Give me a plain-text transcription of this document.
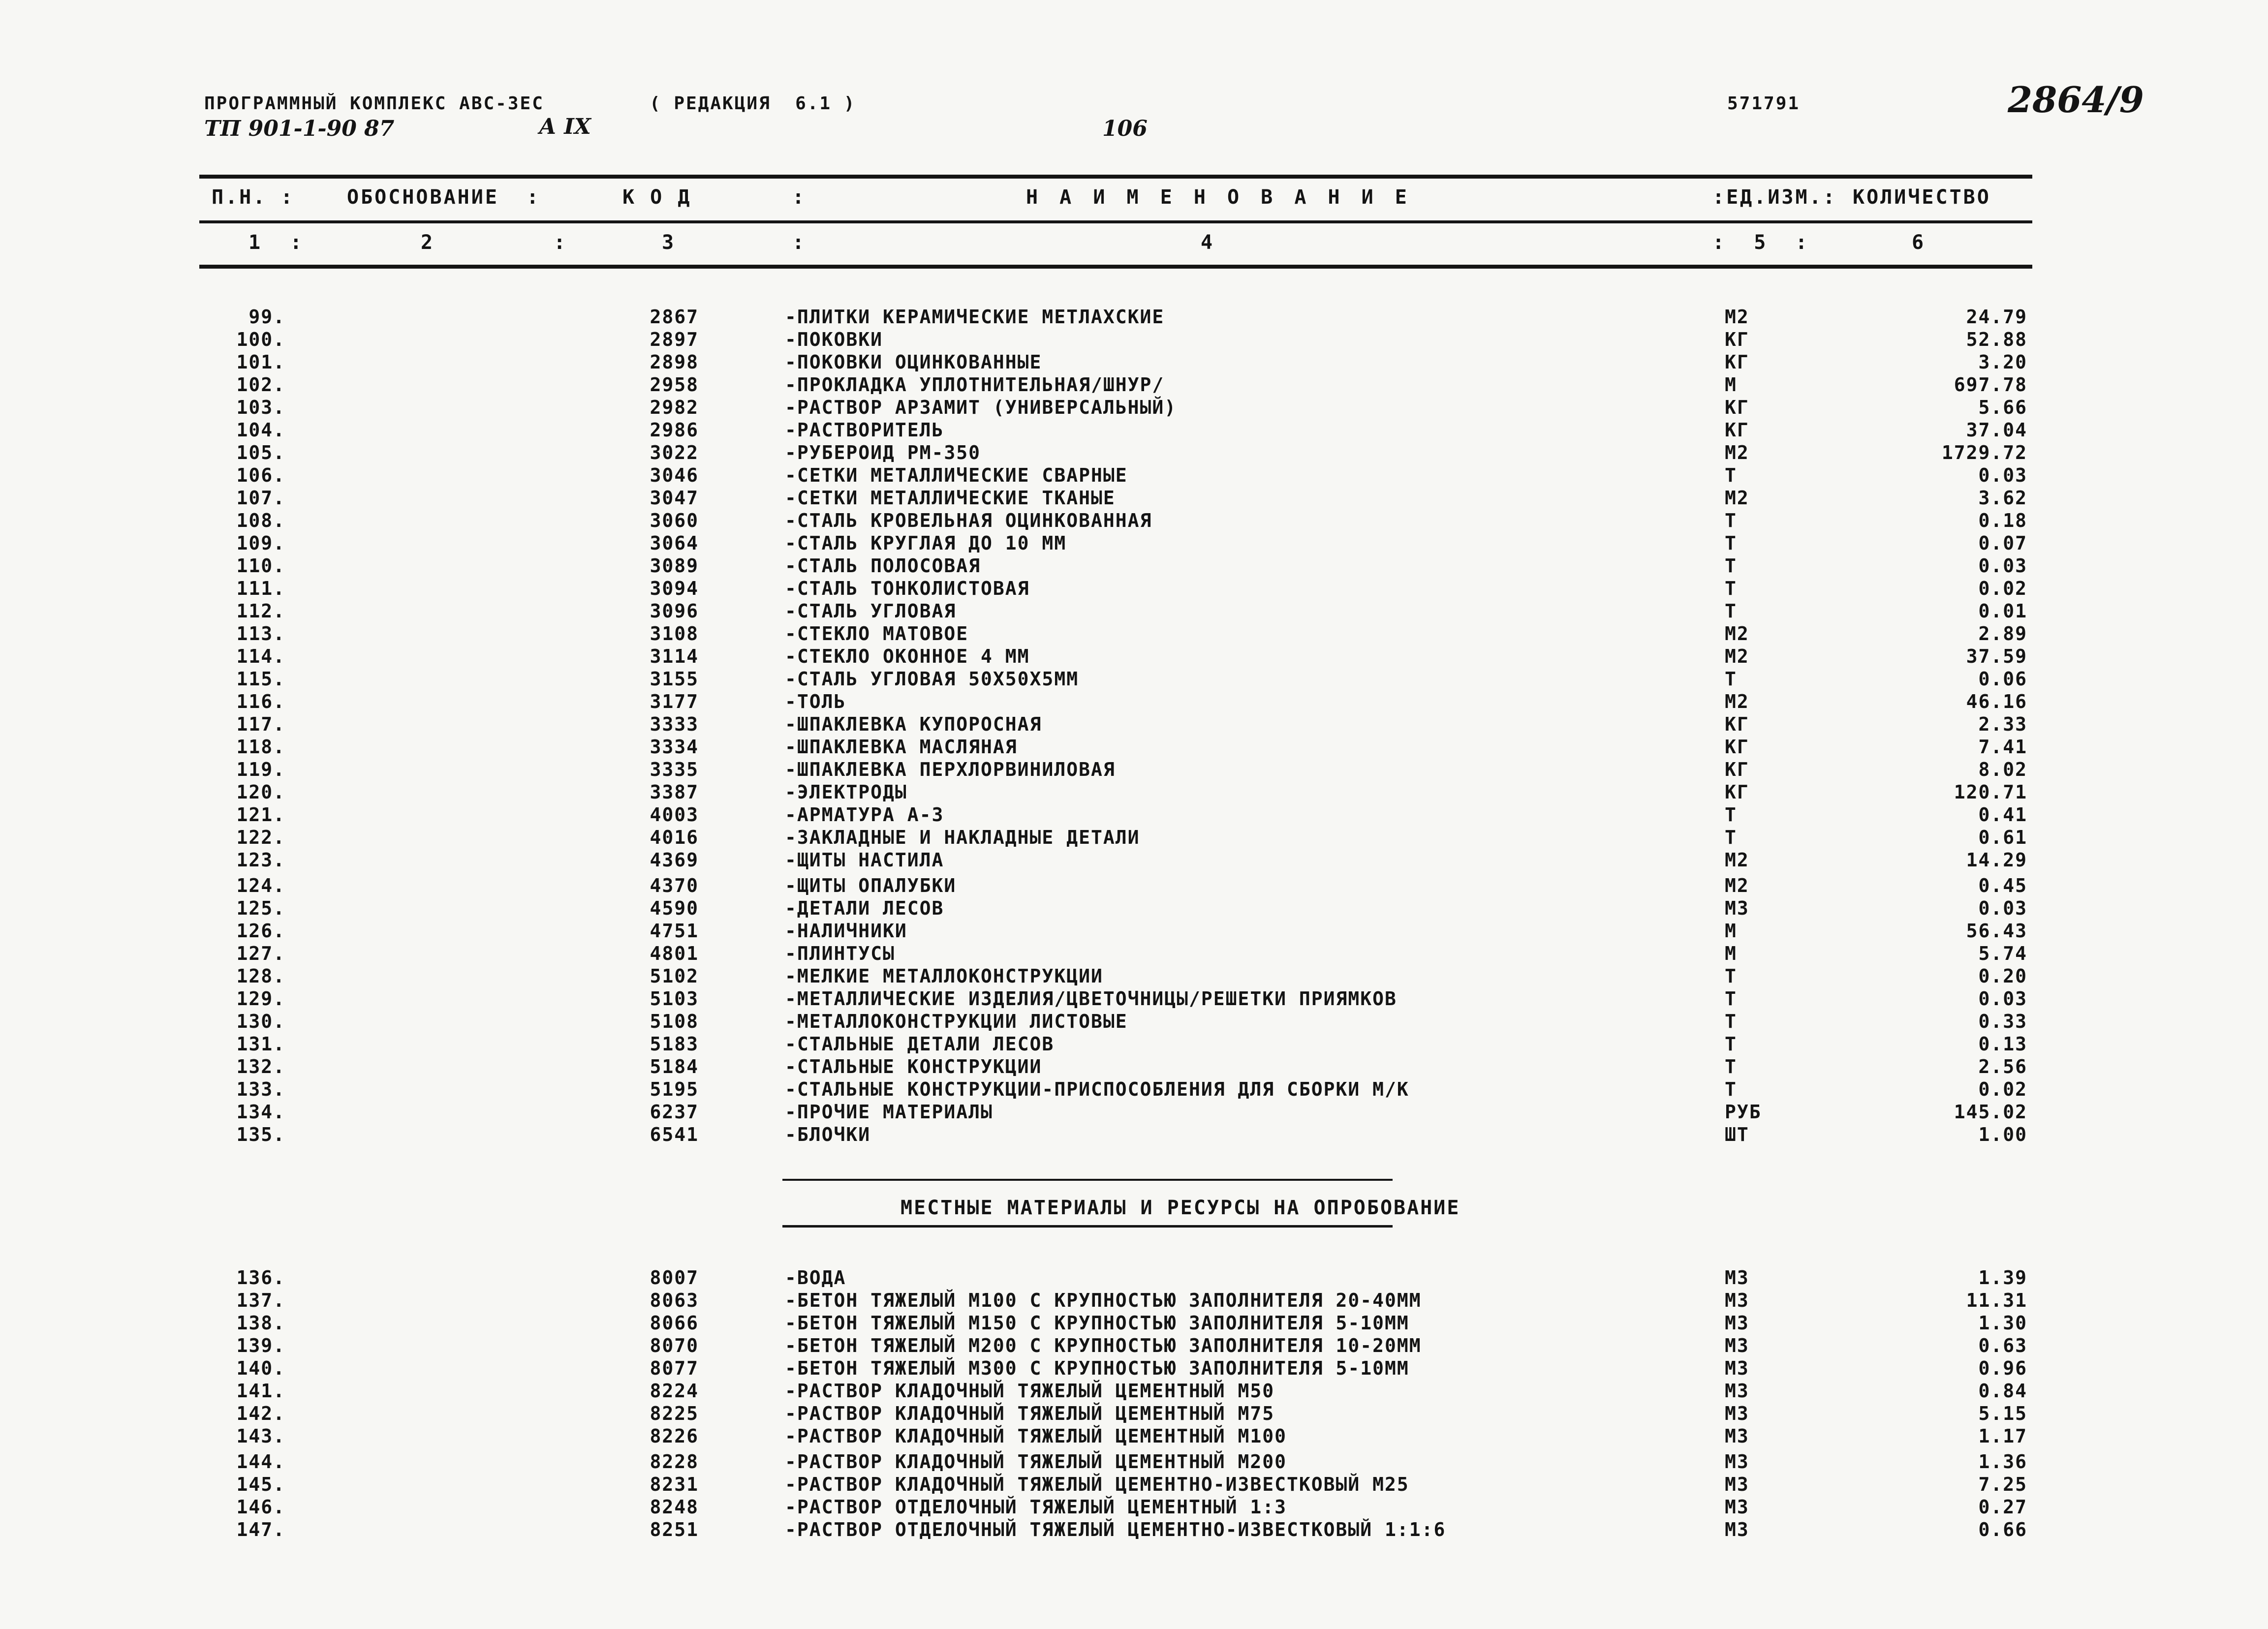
ПРОГРАММНЫЙ КОМПЛЕКС АВС-ЗЕС	( РЕДАКЦИЯ  6.1 )	571791
ТП 901-1-90 87	А IX	106
2864/9
П.Н. :	ОБОСНОВАНИЕ  :	К О Д	:	Н А И М Е Н О В А Н И Е	:ЕД.ИЗМ.: КОЛИЧЕСТВО
1  :	2	:	3	:	4	:  5  :	6
99.	2867	-ПЛИТКИ КЕРАМИЧЕСКИЕ МЕТЛАХСКИЕ	М2	24.79
100.	2897	-ПОКОВКИ	КГ	52.88
101.	2898	-ПОКОВКИ ОЦИНКОВАННЫЕ	КГ	3.20
102.	2958	-ПРОКЛАДКА УПЛОТНИТЕЛЬНАЯ/ШНУР/	М	697.78
103.	2982	-РАСТВОР АРЗАМИТ (УНИВЕРСАЛЬНЫЙ)	КГ	5.66
104.	2986	-РАСТВОРИТЕЛЬ	КГ	37.04
105.	3022	-РУБЕРОИД РМ-350	М2	1729.72
106.	3046	-СЕТКИ МЕТАЛЛИЧЕСКИЕ СВАРНЫЕ	Т	0.03
107.	3047	-СЕТКИ МЕТАЛЛИЧЕСКИЕ ТКАНЫЕ	М2	3.62
108.	3060	-СТАЛЬ КРОВЕЛЬНАЯ ОЦИНКОВАННАЯ	Т	0.18
109.	3064	-СТАЛЬ КРУГЛАЯ ДО 10 ММ	Т	0.07
110.	3089	-СТАЛЬ ПОЛОСОВАЯ	Т	0.03
111.	3094	-СТАЛЬ ТОНКОЛИСТОВАЯ	Т	0.02
112.	3096	-СТАЛЬ УГЛОВАЯ	Т	0.01
113.	3108	-СТЕКЛО МАТОВОЕ	М2	2.89
114.	3114	-СТЕКЛО ОКОННОЕ 4 ММ	М2	37.59
115.	3155	-СТАЛЬ УГЛОВАЯ 50Х50Х5ММ	Т	0.06
116.	3177	-ТОЛЬ	М2	46.16
117.	3333	-ШПАКЛЕВКА КУПОРОСНАЯ	КГ	2.33
118.	3334	-ШПАКЛЕВКА МАСЛЯНАЯ	КГ	7.41
119.	3335	-ШПАКЛЕВКА ПЕРХЛОРВИНИЛОВАЯ	КГ	8.02
120.	3387	-ЭЛЕКТРОДЫ	КГ	120.71
121.	4003	-АРМАТУРА А-3	Т	0.41
122.	4016	-ЗАКЛАДНЫЕ И НАКЛАДНЫЕ ДЕТАЛИ	Т	0.61
123.	4369	-ЩИТЫ НАСТИЛА	М2	14.29
124.	4370	-ЩИТЫ ОПАЛУБКИ	М2	0.45
125.	4590	-ДЕТАЛИ ЛЕСОВ	М3	0.03
126.	4751	-НАЛИЧНИКИ	М	56.43
127.	4801	-ПЛИНТУСЫ	М	5.74
128.	5102	-МЕЛКИЕ МЕТАЛЛОКОНСТРУКЦИИ	Т	0.20
129.	5103	-МЕТАЛЛИЧЕСКИЕ ИЗДЕЛИЯ/ЦВЕТОЧНИЦЫ/РЕШЕТКИ ПРИЯМКОВ	Т	0.03
130.	5108	-МЕТАЛЛОКОНСТРУКЦИИ ЛИСТОВЫЕ	Т	0.33
131.	5183	-СТАЛЬНЫЕ ДЕТАЛИ ЛЕСОВ	Т	0.13
132.	5184	-СТАЛЬНЫЕ КОНСТРУКЦИИ	Т	2.56
133.	5195	-СТАЛЬНЫЕ КОНСТРУКЦИИ-ПРИСПОСОБЛЕНИЯ ДЛЯ СБОРКИ М/К	Т	0.02
134.	6237	-ПРОЧИЕ МАТЕРИАЛЫ	РУБ	145.02
135.	6541	-БЛОЧКИ	ШТ	1.00
МЕСТНЫЕ МАТЕРИАЛЫ И РЕСУРСЫ НА ОПРОБОВАНИЕ
136.	8007	-ВОДА	М3	1.39
137.	8063	-БЕТОН ТЯЖЕЛЫЙ М100 С КРУПНОСТЬЮ ЗАПОЛНИТЕЛЯ 20-40ММ	М3	11.31
138.	8066	-БЕТОН ТЯЖЕЛЫЙ М150 С КРУПНОСТЬЮ ЗАПОЛНИТЕЛЯ 5-10ММ	М3	1.30
139.	8070	-БЕТОН ТЯЖЕЛЫЙ М200 С КРУПНОСТЬЮ ЗАПОЛНИТЕЛЯ 10-20ММ	М3	0.63
140.	8077	-БЕТОН ТЯЖЕЛЫЙ М300 С КРУПНОСТЬЮ ЗАПОЛНИТЕЛЯ 5-10ММ	М3	0.96
141.	8224	-РАСТВОР КЛАДОЧНЫЙ ТЯЖЕЛЫЙ ЦЕМЕНТНЫЙ М50	М3	0.84
142.	8225	-РАСТВОР КЛАДОЧНЫЙ ТЯЖЕЛЫЙ ЦЕМЕНТНЫЙ М75	М3	5.15
143.	8226	-РАСТВОР КЛАДОЧНЫЙ ТЯЖЕЛЫЙ ЦЕМЕНТНЫЙ М100	М3	1.17
144.	8228	-РАСТВОР КЛАДОЧНЫЙ ТЯЖЕЛЫЙ ЦЕМЕНТНЫЙ М200	М3	1.36
145.	8231	-РАСТВОР КЛАДОЧНЫЙ ТЯЖЕЛЫЙ ЦЕМЕНТНО-ИЗВЕСТКОВЫЙ М25	М3	7.25
146.	8248	-РАСТВОР ОТДЕЛОЧНЫЙ ТЯЖЕЛЫЙ ЦЕМЕНТНЫЙ 1:3	М3	0.27
147.	8251	-РАСТВОР ОТДЕЛОЧНЫЙ ТЯЖЕЛЫЙ ЦЕМЕНТНО-ИЗВЕСТКОВЫЙ 1:1:6	М3	0.66
